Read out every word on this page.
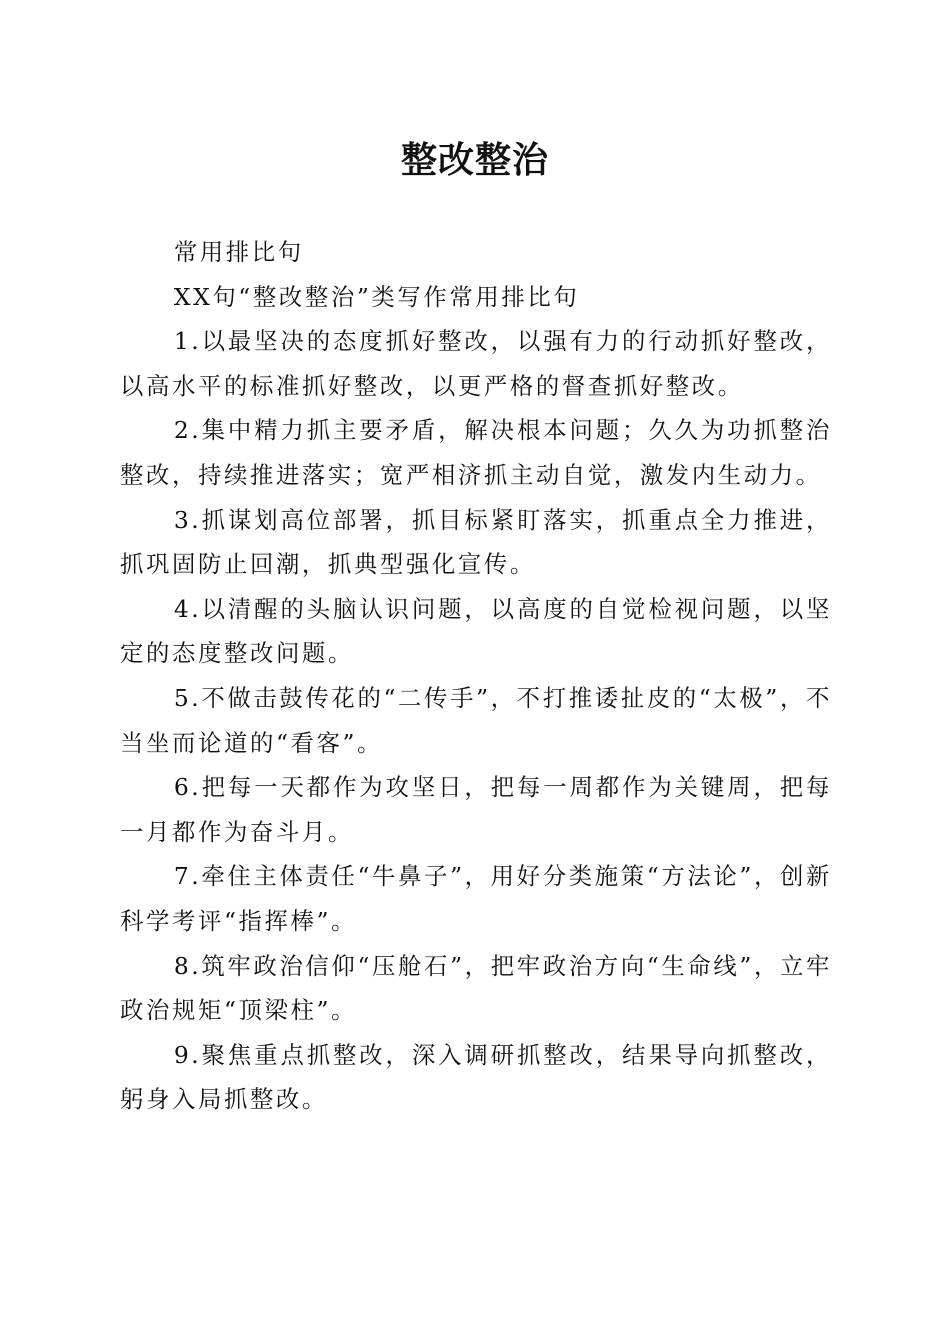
整改整治

常用排比句

XX句“整改整治”类写作常用排比句

1.以最坚决的态度抓好整改，以强有力的行动抓好整改，以高水平的标准抓好整改，以更严格的督查抓好整改。

2.集中精力抓主要矛盾，解决根本问题；久久为功抓整治整改，持续推进落实；宽严相济抓主动自觉，激发内生动力。

3.抓谋划高位部署，抓目标紧盯落实，抓重点全力推进，抓巩固防止回潮，抓典型强化宣传。

4.以清醒的头脑认识问题，以高度的自觉检视问题，以坚定的态度整改问题。

5.不做击鼓传花的“二传手”，不打推诿扯皮的“太极”，不当坐而论道的“看客”。

6.把每一天都作为攻坚日，把每一周都作为关键周，把每一月都作为奋斗月。

7.牵住主体责任“牛鼻子”，用好分类施策“方法论”，创新科学考评“指挥棒”。

8.筑牢政治信仰“压舱石”，把牢政治方向“生命线”，立牢政治规矩“顶梁柱”。

9.聚焦重点抓整改，深入调研抓整改，结果导向抓整改，躬身入局抓整改。
